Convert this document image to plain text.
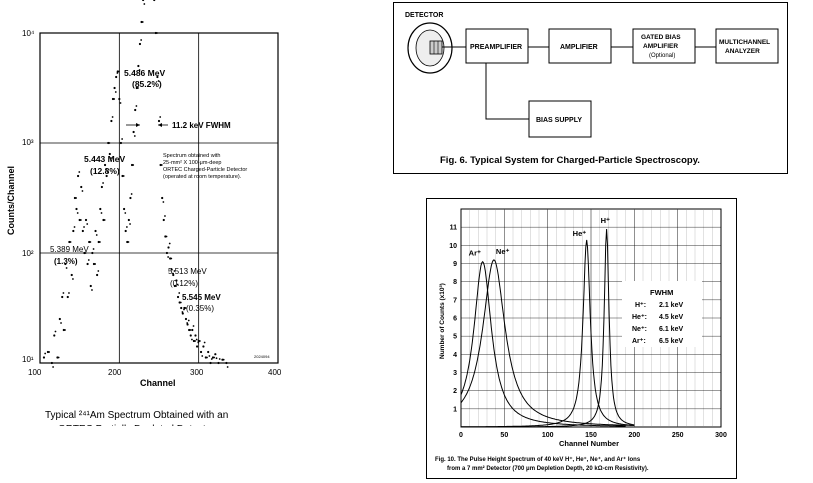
10⁴
10³
10²
10¹
100	200	300	400
Channel
Counts/Channel
5.486 MeV
(85.2%)
11.2 keV FWHM
Spectrum obtained with
25-mm² X 100-μm-deep
ORTEC Charged-Particle Detector
(operated at room temperature).
5.443 MeV
(12.8%)
5.389 MeV
(1.3%)
5.513 MeV
(0.12%)
5.545 MeV
(0.35%)
2024094
Typical ²⁴¹Am Spectrum Obtained with an
DETECTOR
PREAMPLIFIER	AMPLIFIER
GATED BIAS
AMPLIFIER
(Optional)
MULTICHANNEL
ANALYZER
BIAS SUPPLY
Fig. 6. Typical System for Charged-Particle Spectroscopy.
1
2
3
4
5
6
7
8
9
10
11
0	50	100	150	200	250	300
Ar⁺ Ne⁺
He⁺
H⁺
Number of Counts (x10³)
Channel Number
FWHM
H⁺: 2.1 keV
He⁺: 4.5 keV
Ne⁺: 6.1 keV
Ar⁺: 6.5 keV
Fig. 10. The Pulse Height Spectrum of 40 keV H⁺, He⁺, Ne⁺, and Ar⁺ Ions
from a 7 mm² Detector (700 μm Depletion Depth, 20 kΩ-cm Resistivity).
